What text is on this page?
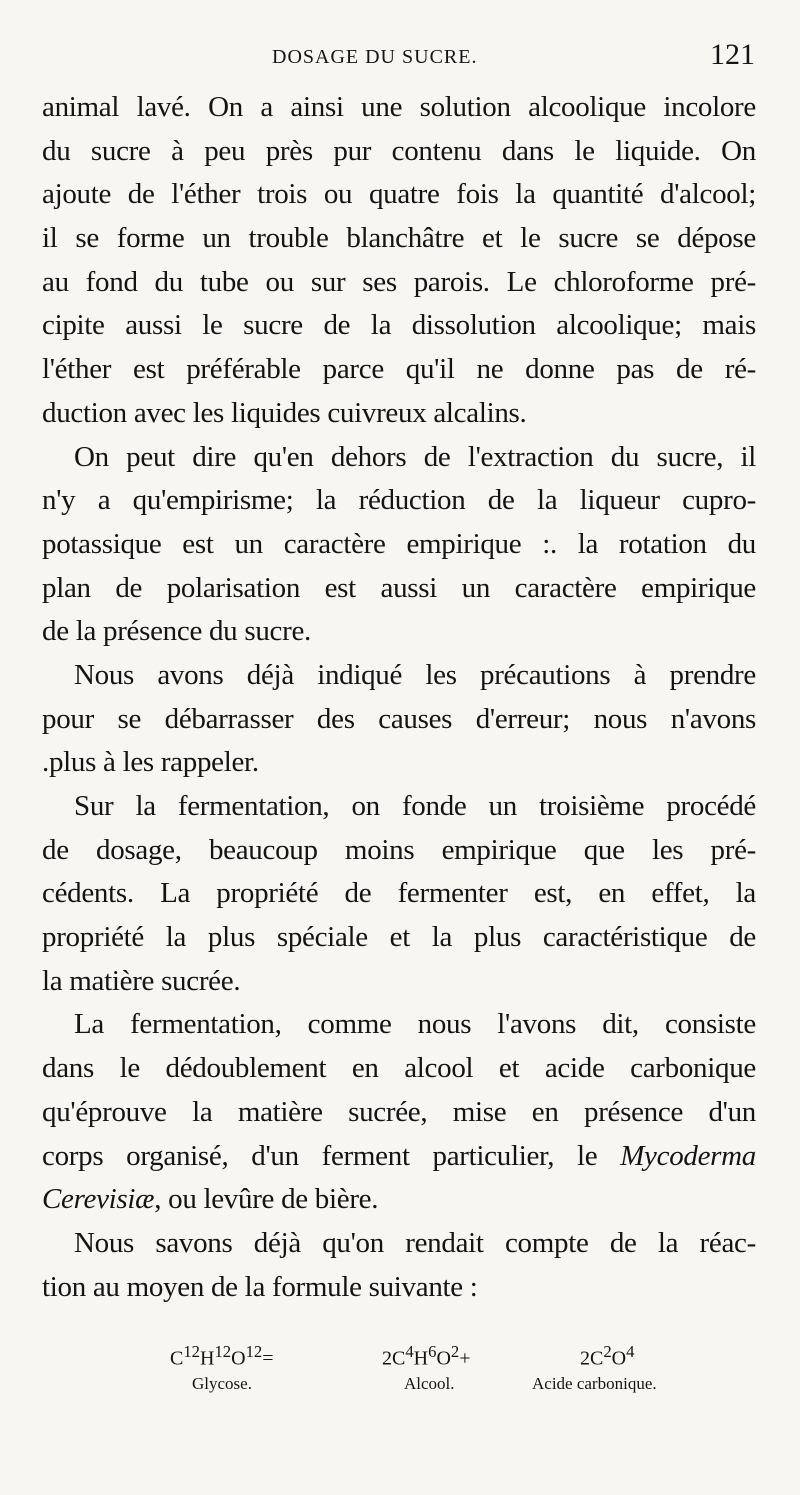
DOSAGE DU SUCRE.	121
animal lavé. On a ainsi une solution alcoolique incolore
du sucre à peu près pur contenu dans le liquide. On
ajoute de l'éther trois ou quatre fois la quantité d'alcool;
il se forme un trouble blanchâtre et le sucre se dépose
au fond du tube ou sur ses parois. Le chloroforme pré-
cipite aussi le sucre de la dissolution alcoolique; mais
l'éther est préférable parce qu'il ne donne pas de ré-
duction avec les liquides cuivreux alcalins.
On peut dire qu'en dehors de l'extraction du sucre, il
n'y a qu'empirisme; la réduction de la liqueur cupro-
potassique est un caractère empirique :. la rotation du
plan de polarisation est aussi un caractère empirique
de la présence du sucre.
Nous avons déjà indiqué les précautions à prendre
pour se débarrasser des causes d'erreur; nous n'avons
.plus à les rappeler.
Sur la fermentation, on fonde un troisième procédé
de dosage, beaucoup moins empirique que les pré-
cédents. La propriété de fermenter est, en effet, la
propriété la plus spéciale et la plus caractéristique de
la matière sucrée.
La fermentation, comme nous l'avons dit, consiste
dans le dédoublement en alcool et acide carbonique
qu'éprouve la matière sucrée, mise en présence d'un
corps organisé, d'un ferment particulier, le Mycoderma
Cerevisiæ, ou levûre de bière.
Nous savons déjà qu'on rendait compte de la réac-
tion au moyen de la formule suivante :
$C^{12}H^{12}O^{12}=$
Glycose.
$2C^4H^6O^2+$
Alcool.
$2C^2O^4$
Acide carbonique.
